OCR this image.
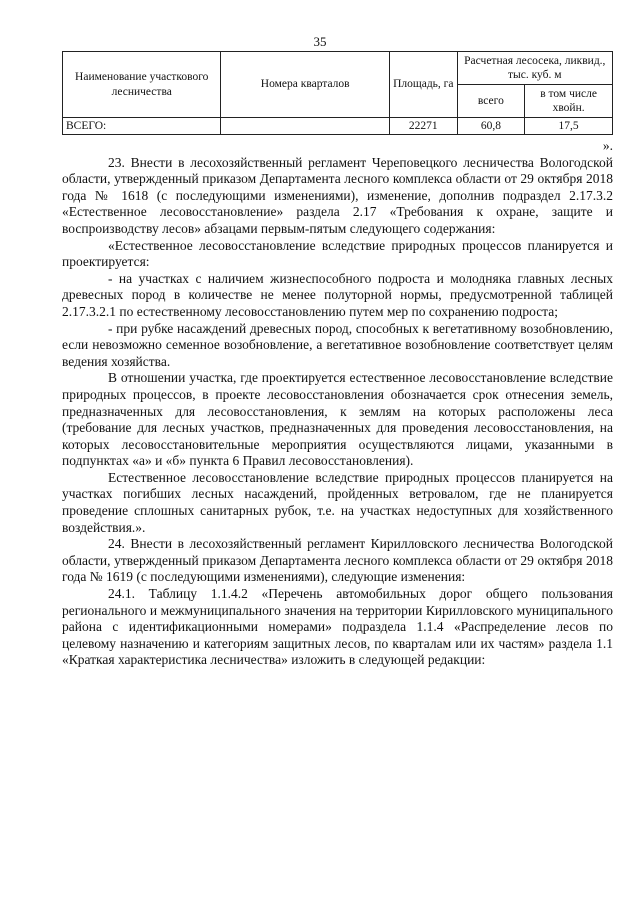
35
Наименование участкового лесничества	Номера кварталов	Площадь, га	Расчетная лесосека, ликвид., тыс. куб. м	
			всего	в том числе хвойн.
ВСЕГО:		22271	60,8	17,5

».

23. Внести в лесохозяйственный регламент Череповецкого лесничества Вологодской области, утвержденный приказом Департамента лесного комплекса области от 29 октября 2018 года № 1618 (с последующими изменениями), изменение, дополнив подраздел 2.17.3.2 «Естественное лесовосстановление» раздела 2.17 «Требования к охране, защите и воспроизводству лесов» абзацами первым-пятым следующего содержания:

«Естественное лесовосстановление вследствие природных процессов планируется и проектируется:

- на участках с наличием жизнеспособного подроста и молодняка главных лесных древесных пород в количестве не менее полуторной нормы, предусмотренной таблицей 2.17.3.2.1 по естественному лесовосстановлению путем мер по сохранению подроста;

- при рубке насаждений древесных пород, способных к вегетативному возобновлению, если невозможно семенное возобновление, а вегетативное возобновление соответствует целям ведения хозяйства.

В отношении участка, где проектируется естественное лесовосстановление вследствие природных процессов, в проекте лесовосстановления обозначается срок отнесения земель, предназначенных для лесовосстановления, к землям на которых расположены леса (требование для лесных участков, предназначенных для проведения лесовосстановления, на которых лесовосстановительные мероприятия осуществляются лицами, указанными в подпунктах «а» и «б» пункта 6 Правил лесовосстановления).

Естественное лесовосстановление вследствие природных процессов планируется на участках погибших лесных насаждений, пройденных ветровалом, где не планируется проведение сплошных санитарных рубок, т.е. на участках недоступных для хозяйственного воздействия.».

24. Внести в лесохозяйственный регламент Кирилловского лесничества Вологодской области, утвержденный приказом Департамента лесного комплекса области от 29 октября 2018 года № 1619 (с последующими изменениями), следующие изменения:

24.1. Таблицу 1.1.4.2 «Перечень автомобильных дорог общего пользования регионального и межмуниципального значения на территории Кирилловского муниципального района с идентификационными номерами» подраздела 1.1.4 «Распределение лесов по целевому назначению и категориям защитных лесов, по кварталам или их частям» раздела 1.1 «Краткая характеристика лесничества» изложить в следующей редакции:
